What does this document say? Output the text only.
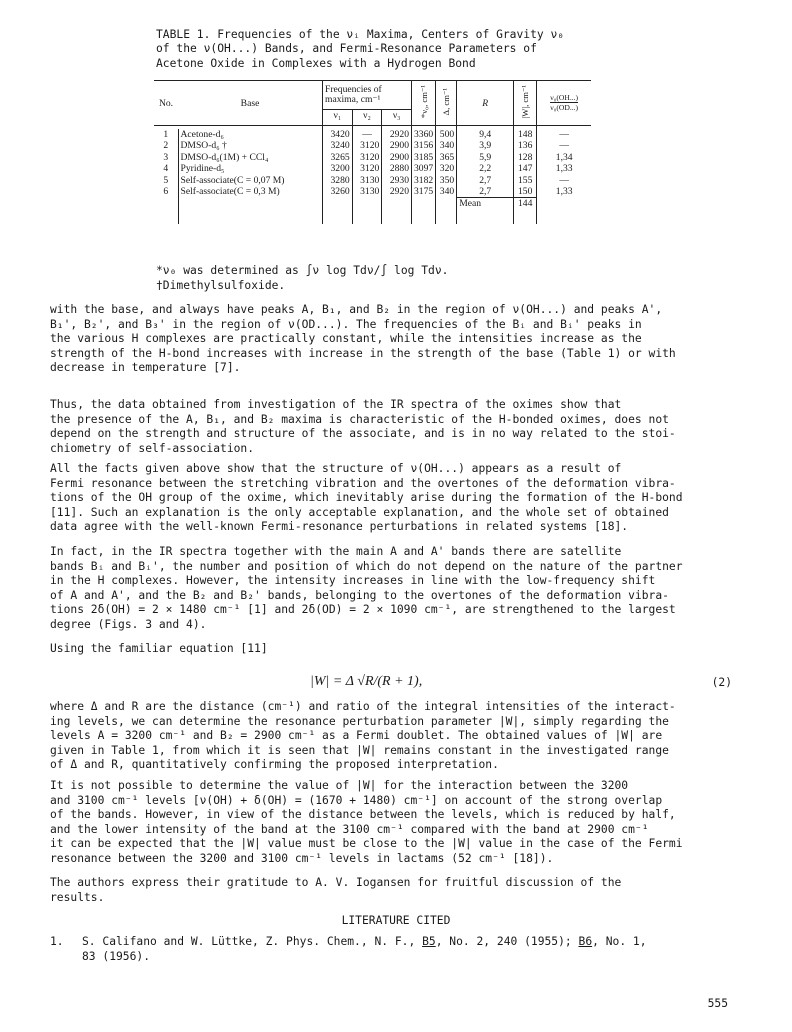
TABLE 1. Frequencies of the νᵢ Maxima, Centers of Gravity ν₀
of the ν(OH...) Bands, and Fermi-Resonance Parameters of
Acetone Oxide in Complexes with a Hydrogen Bond
No.	Base	Frequencies of maxima, cm⁻¹			*ν₀, cm⁻¹	Δ, cm⁻¹	R	|W|, cm⁻¹	$\frac{\text{ν₀(OH...)}}{\text{ν₀(OD...)}}$
		ν₁	ν₂	ν₃					

1	Acetone-d₆	3420	—	2920	3360	500	9,4	148	—
2	DMSO-d₆ †	3240	3120	2900	3156	340	3,9	136	—
3	DMSO-d₆(1M) + CCl₄	3265	3120	2900	3185	365	5,9	128	1,34
4	Pyridine-d₅	3200	3120	2880	3097	320	2,2	147	1,33
5	Self-associate(C = 0,07 M)	3280	3130	2930	3182	350	2,7	155	—
6	Self-associate(C = 0,3 M)	3260	3130	2920	3175	340	2,7	150	1,33
							Mean	144	

*ν₀ was determined as ∫ν log Tdν/∫ log Tdν.
†Dimethylsulfoxide.

with the base, and always have peaks A, B₁, and B₂ in the region of ν(OH...) and peaks A',
B₁', B₂', and B₃' in the region of ν(OD...). The frequencies of the Bᵢ and Bᵢ' peaks in
the various H complexes are practically constant, while the intensities increase as the
strength of the H-bond increases with increase in the strength of the base (Table 1) or with
decrease in temperature [7].

Thus, the data obtained from investigation of the IR spectra of the oximes show that
the presence of the A, B₁, and B₂ maxima is characteristic of the H-bonded oximes, does not
depend on the strength and structure of the associate, and is in no way related to the stoi-
chiometry of self-association.

All the facts given above show that the structure of ν(OH...) appears as a result of
Fermi resonance between the stretching vibration and the overtones of the deformation vibra-
tions of the OH group of the oxime, which inevitably arise during the formation of the H-bond
[11]. Such an explanation is the only acceptable explanation, and the whole set of obtained
data agree with the well-known Fermi-resonance perturbations in related systems [18].

In fact, in the IR spectra together with the main A and A' bands there are satellite
bands Bᵢ and Bᵢ', the number and position of which do not depend on the nature of the partner
in the H complexes. However, the intensity increases in line with the low-frequency shift
of A and A', and the B₂ and B₂' bands, belonging to the overtones of the deformation vibra-
tions 2δ(OH) = 2 × 1480 cm⁻¹ [1] and 2δ(OD) = 2 × 1090 cm⁻¹, are strengthened to the largest
degree (Figs. 3 and 4).

Using the familiar equation [11]

|W| = Δ √R/(R + 1),	(2)

where Δ and R are the distance (cm⁻¹) and ratio of the integral intensities of the interact-
ing levels, we can determine the resonance perturbation parameter |W|, simply regarding the
levels A = 3200 cm⁻¹ and B₂ = 2900 cm⁻¹ as a Fermi doublet. The obtained values of |W| are
given in Table 1, from which it is seen that |W| remains constant in the investigated range
of Δ and R, quantitatively confirming the proposed interpretation.

It is not possible to determine the value of |W| for the interaction between the 3200
and 3100 cm⁻¹ levels [ν(OH) + δ(OH) = (1670 + 1480) cm⁻¹] on account of the strong overlap
of the bands. However, in view of the distance between the levels, which is reduced by half,
and the lower intensity of the band at the 3100 cm⁻¹ compared with the band at 2900 cm⁻¹
it can be expected that the |W| value must be close to the |W| value in the case of the Fermi
resonance between the 3200 and 3100 cm⁻¹ levels in lactams (52 cm⁻¹ [18]).

The authors express their gratitude to A. V. Iogansen for fruitful discussion of the
results.

LITERATURE CITED
1. S. Califano and W. Lüttke, Z. Phys. Chem., N. F., B5, No. 2, 240 (1955); B6, No. 1,
83 (1956).
555
